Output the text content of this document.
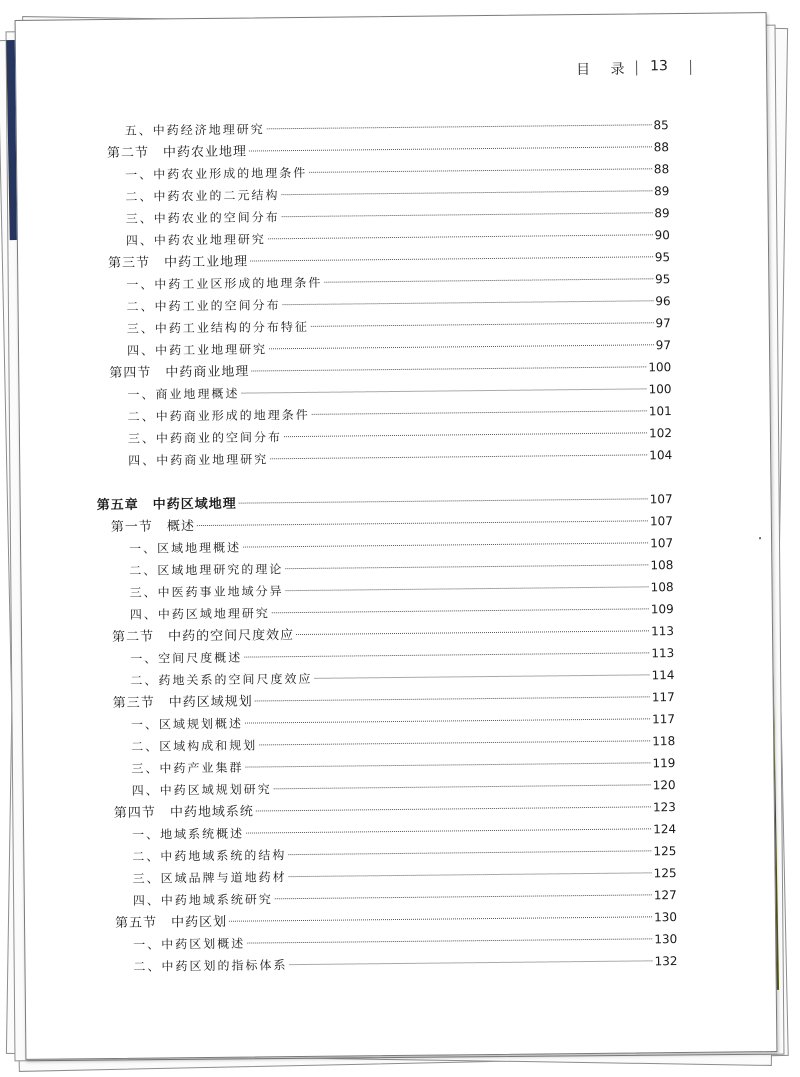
目 录 13
五、中药经济地理研究	85
第二节 中药农业地理	88
一、中药农业形成的地理条件	88
二、中药农业的二元结构	89
三、中药农业的空间分布	89
四、中药农业地理研究	90
第三节 中药工业地理	95
一、中药工业区形成的地理条件	95
二、中药工业的空间分布	96
三、中药工业结构的分布特征	97
四、中药工业地理研究	97
第四节 中药商业地理	100
一、商业地理概述	100
二、中药商业形成的地理条件	101
三、中药商业的空间分布	102
四、中药商业地理研究	104
第五章 中药区域地理	107
第一节 概述	107
一、区域地理概述	107
二、区域地理研究的理论	108
三、中医药事业地域分异	108
四、中药区域地理研究	109
第二节 中药的空间尺度效应	113
一、空间尺度概述	113
二、药地关系的空间尺度效应	114
第三节 中药区域规划	117
一、区域规划概述	117
二、区域构成和规划	118
三、中药产业集群	119
四、中药区域规划研究	120
第四节 中药地域系统	123
一、地域系统概述	124
二、中药地域系统的结构	125
三、区域品牌与道地药材	125
四、中药地域系统研究	127
第五节 中药区划	130
一、中药区划概述	130
二、中药区划的指标体系	132
